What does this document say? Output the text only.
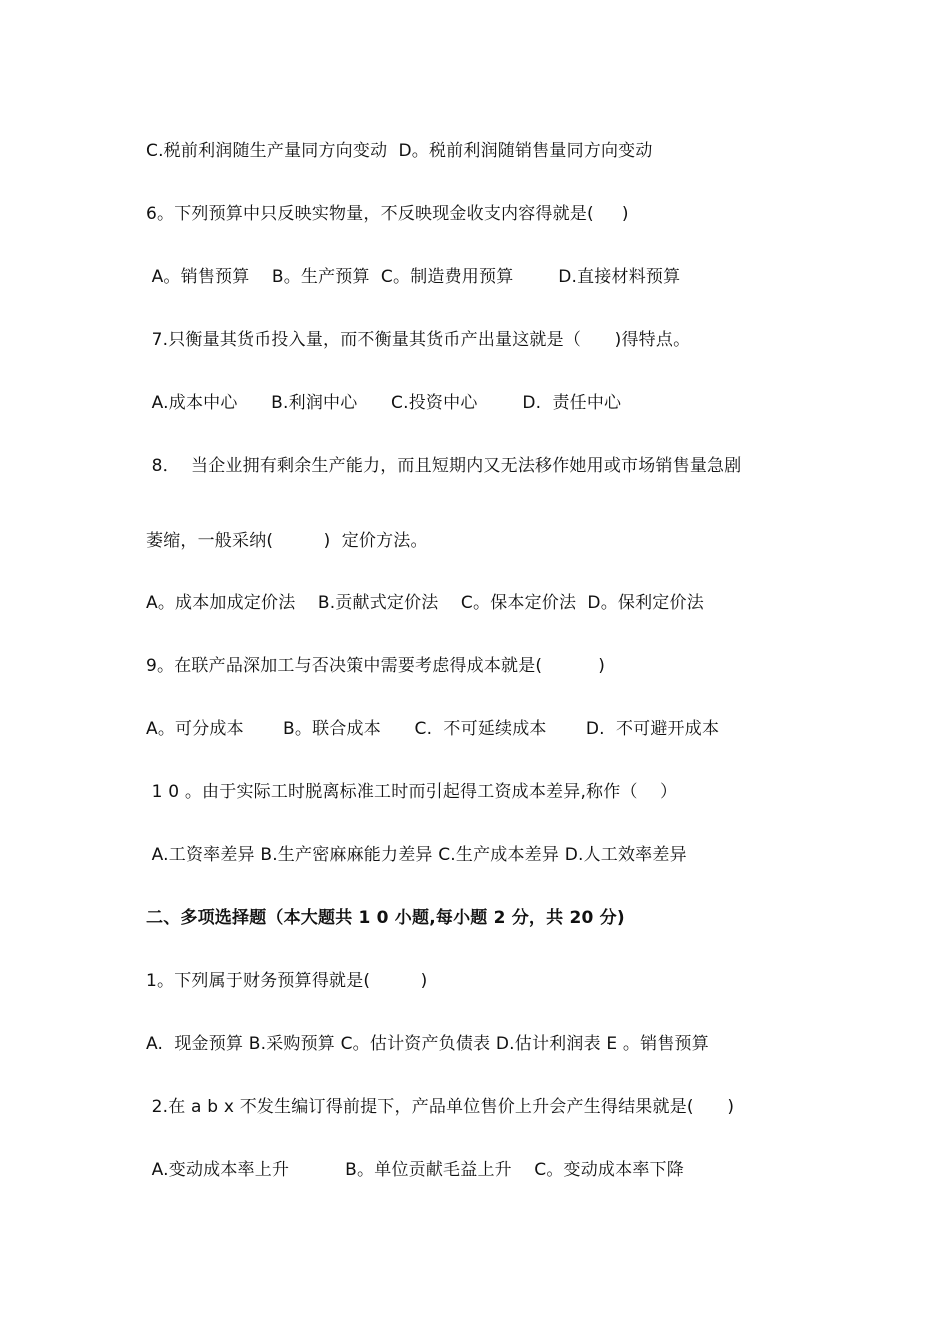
C.税前利润随生产量同方向变动  D。税前利润随销售量同方向变动
6。下列预算中只反映实物量，不反映现金收支内容得就是(     )
A。销售预算    B。生产预算  C。制造费用预算        D.直接材料预算
7.只衡量其货币投入量，而不衡量其货币产出量这就是（      )得特点。
A.成本中心      B.利润中心      C.投资中心        D.  责任中心
8．  当企业拥有剩余生产能力，而且短期内又无法移作她用或市场销售量急剧
萎缩，一般采纳(         )  定价方法。
A。成本加成定价法    B.贡献式定价法    C。保本定价法  D。保利定价法
9。在联产品深加工与否决策中需要考虑得成本就是(          )
A。可分成本       B。联合成本      C.  不可延续成本       D.  不可避开成本
1 0 。由于实际工时脱离标准工时而引起得工资成本差异,称作（    ）
A.工资率差异 B.生产密麻麻能力差异 C.生产成本差异 D.人工效率差异
二、多项选择题（本大题共 1 0 小题,每小题 2 分，共 20 分)
1。下列属于财务预算得就是(         )
A.  现金预算 B.采购预算 C。估计资产负债表 D.估计利润表 E 。销售预算
2.在 a b x 不发生编订得前提下，产品单位售价上升会产生得结果就是(      )
A.变动成本率上升          B。单位贡献毛益上升    C。变动成本率下降
